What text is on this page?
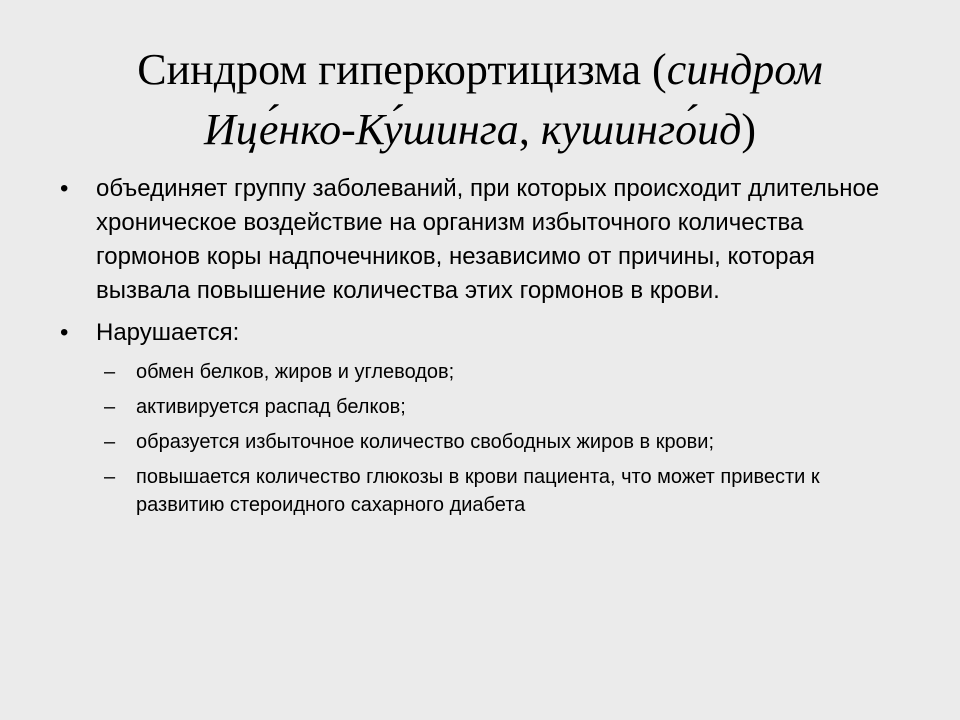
Синдром гиперкортицизма (синдром Ице́нко-Ку́шинга, кушинго́ид)
• объединяет группу заболеваний, при которых происходит длительное хроническое воздействие на организм избыточного количества гормонов коры надпочечников, независимо от причины, которая вызвала повышение количества этих гормонов в крови.
• Нарушается:
– обмен белков, жиров и углеводов;
– активируется распад белков;
– образуется избыточное количество свободных жиров в крови;
– повышается количество глюкозы в крови пациента, что может привести к развитию стероидного сахарного диабета
